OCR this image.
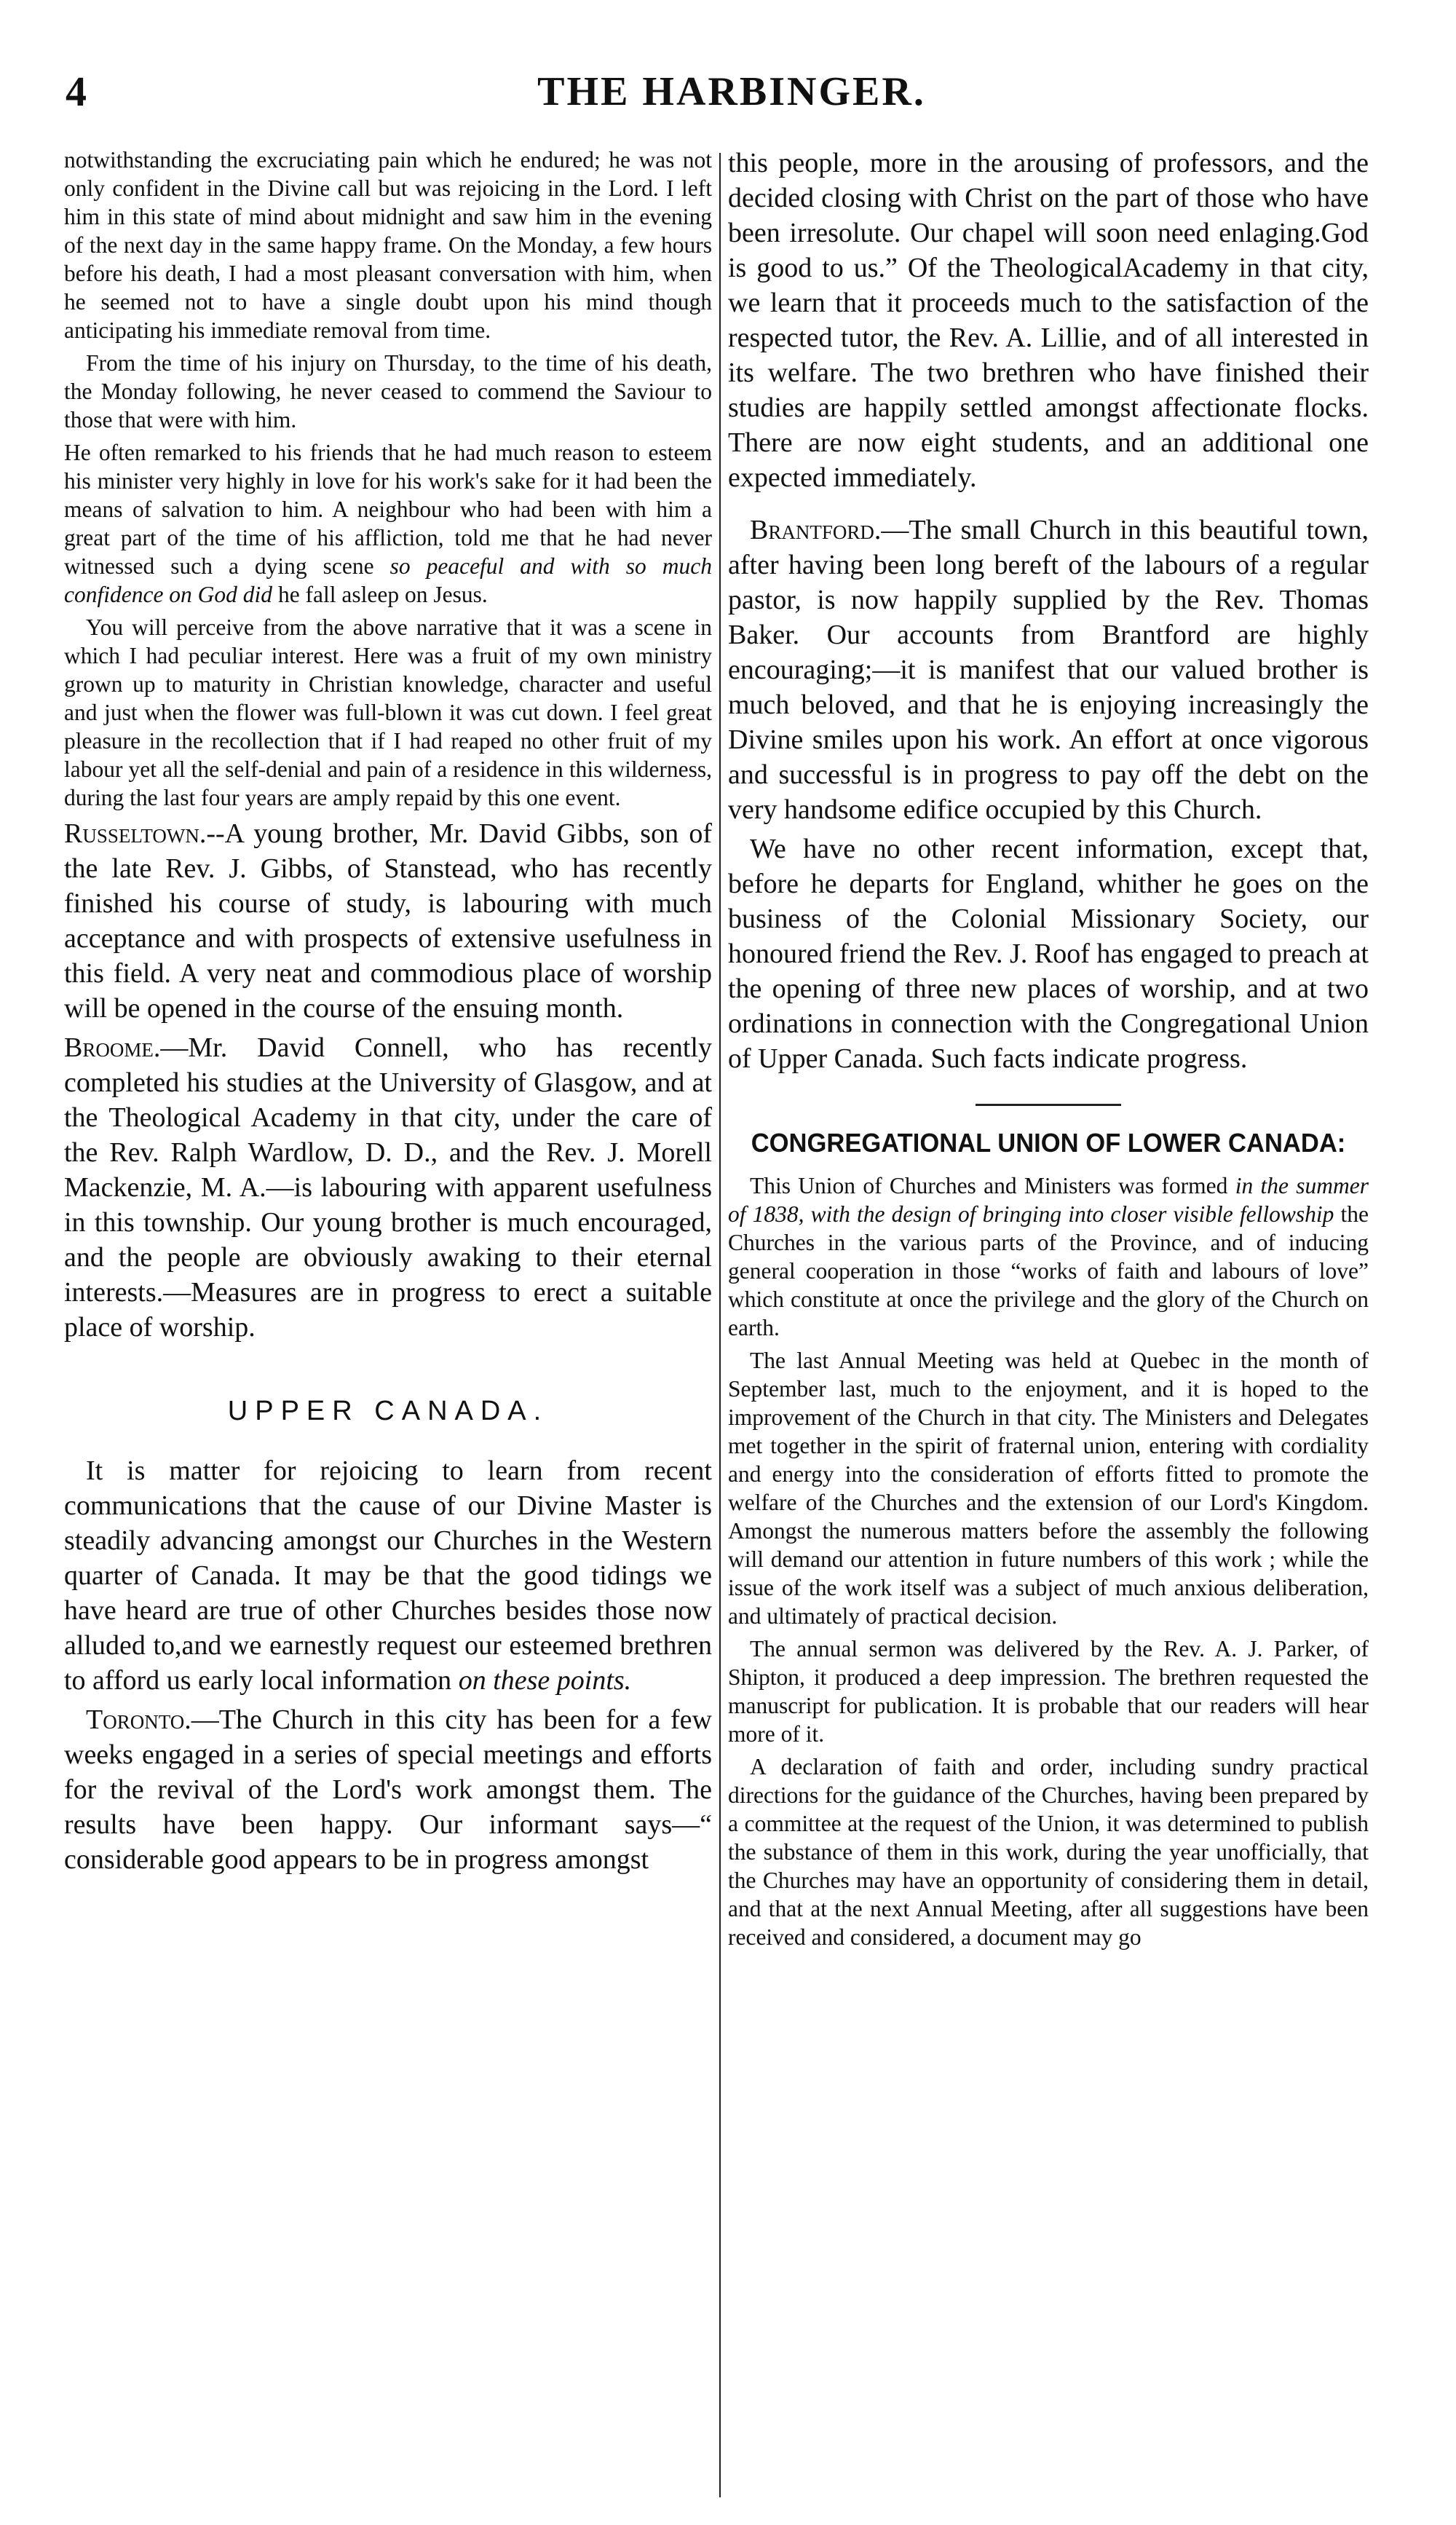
4	THE HARBINGER.

notwithstanding the excruciating pain which he endured; he was not only confident in the Divine call but was rejoicing in the Lord. I left him in this state of mind about midnight and saw him in the evening of the next day in the same happy frame. On the Monday, a few hours before his death, I had a most pleasant conversation with him, when he seemed not to have a single doubt upon his mind though anticipating his immediate removal from time.

From the time of his injury on Thursday, to the time of his death, the Monday following, he never ceased to commend the Saviour to those that were with him.

He often remarked to his friends that he had much reason to esteem his minister very highly in love for his work's sake for it had been the means of salvation to him. A neighbour who had been with him a great part of the time of his affliction, told me that he had never witnessed such a dying scene so peaceful and with so much confidence on God did he fall asleep on Jesus.

You will perceive from the above narrative that it was a scene in which I had peculiar interest. Here was a fruit of my own ministry grown up to maturity in Christian knowledge, character and useful and just when the flower was full-blown it was cut down. I feel great pleasure in the recollection that if I had reaped no other fruit of my labour yet all the self-denial and pain of a residence in this wilderness, during the last four years are amply repaid by this one event.

Russeltown.--A young brother, Mr. David Gibbs, son of the late Rev. J. Gibbs, of Stanstead, who has recently finished his course of study, is labouring with much acceptance and with prospects of extensive usefulness in this field. A very neat and commodious place of worship will be opened in the course of the ensuing month.

Broome.—Mr. David Connell, who has recently completed his studies at the University of Glasgow, and at the Theological Academy in that city, under the care of the Rev. Ralph Wardlow, D. D., and the Rev. J. Morell Mackenzie, M. A.—is labouring with apparent usefulness in this township. Our young brother is much encouraged, and the people are obviously awaking to their eternal interests.—Measures are in progress to erect a suitable place of worship.

UPPER CANADA.

It is matter for rejoicing to learn from recent communications that the cause of our Divine Master is steadily advancing amongst our Churches in the Western quarter of Canada. It may be that the good tidings we have heard are true of other Churches besides those now alluded to,and we earnestly request our esteemed brethren to afford us early local information on these points.

Toronto.—The Church in this city has been for a few weeks engaged in a series of special meetings and efforts for the revival of the Lord's work amongst them. The results have been happy. Our informant says—“ considerable good appears to be in progress amongst

this people, more in the arousing of professors, and the decided closing with Christ on the part of those who have been irresolute. Our chapel will soon need enlaging.God is good to us.” Of the TheologicalAcademy in that city, we learn that it proceeds much to the satisfaction of the respected tutor, the Rev. A. Lillie, and of all interested in its welfare. The two brethren who have finished their studies are happily settled amongst affectionate flocks. There are now eight students, and an additional one expected immediately.

Brantford.—The small Church in this beautiful town, after having been long bereft of the labours of a regular pastor, is now happily supplied by the Rev. Thomas Baker. Our accounts from Brantford are highly encouraging;—it is manifest that our valued brother is much beloved, and that he is enjoying increasingly the Divine smiles upon his work. An effort at once vigorous and successful is in progress to pay off the debt on the very handsome edifice occupied by this Church.

We have no other recent information, except that, before he departs for England, whither he goes on the business of the Colonial Missionary Society, our honoured friend the Rev. J. Roof has engaged to preach at the opening of three new places of worship, and at two ordinations in connection with the Congregational Union of Upper Canada. Such facts indicate progress.

CONGREGATIONAL UNION OF LOWER CANADA:

This Union of Churches and Ministers was formed in the summer of 1838, with the design of bringing into closer visible fellowship the Churches in the various parts of the Province, and of inducing general cooperation in those “works of faith and labours of love” which constitute at once the privilege and the glory of the Church on earth.

The last Annual Meeting was held at Quebec in the month of September last, much to the enjoyment, and it is hoped to the improvement of the Church in that city. The Ministers and Delegates met together in the spirit of fraternal union, entering with cordiality and energy into the consideration of efforts fitted to promote the welfare of the Churches and the extension of our Lord's Kingdom. Amongst the numerous matters before the assembly the following will demand our attention in future numbers of this work ; while the issue of the work itself was a subject of much anxious deliberation, and ultimately of practical decision.

The annual sermon was delivered by the Rev. A. J. Parker, of Shipton, it produced a deep impression. The brethren requested the manuscript for publication. It is probable that our readers will hear more of it.

A declaration of faith and order, including sundry practical directions for the guidance of the Churches, having been prepared by a committee at the request of the Union, it was determined to publish the substance of them in this work, during the year unofficially, that the Churches may have an opportunity of considering them in detail, and that at the next Annual Meeting, after all suggestions have been received and considered, a document may go
